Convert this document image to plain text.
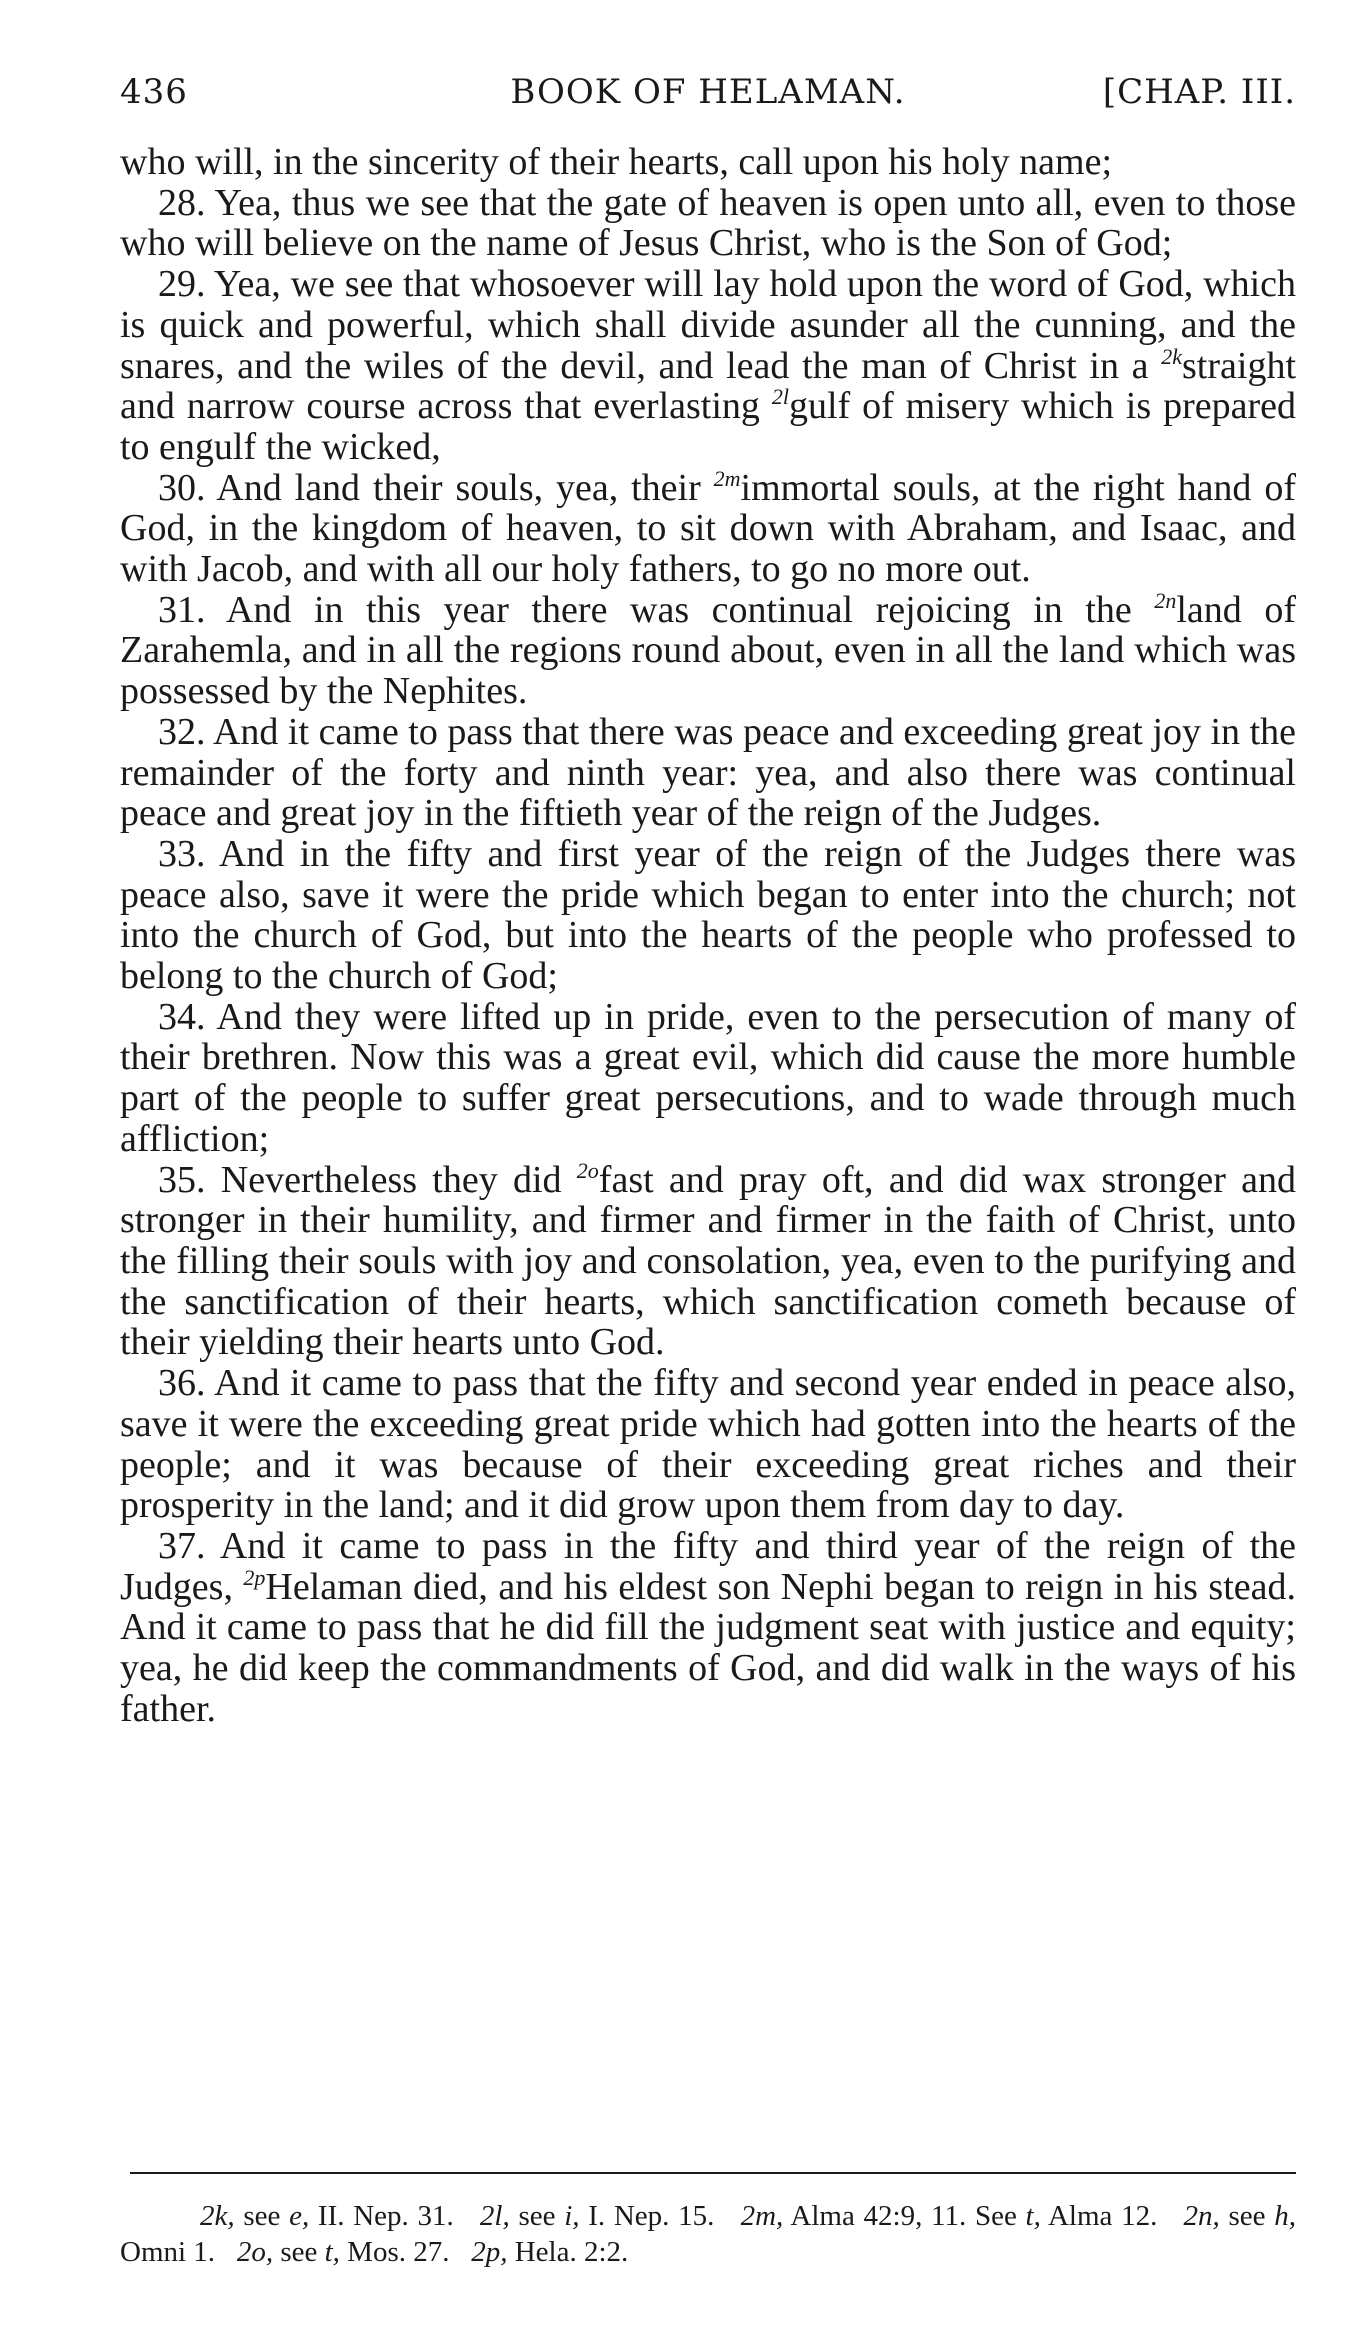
436	BOOK OF HELAMAN.	[CHAP. III.

who will, in the sincerity of their hearts, call upon his holy name;

28. Yea, thus we see that the gate of heaven is open unto all, even to those who will believe on the name of Jesus Christ, who is the Son of God;

29. Yea, we see that whosoever will lay hold upon the word of God, which is quick and powerful, which shall divide asunder all the cunning, and the snares, and the wiles of the devil, and lead the man of Christ in a $^{2k}$straight and narrow course across that everlasting $^{2l}$gulf of misery which is prepared to engulf the wicked,

30. And land their souls, yea, their $^{2m}$immortal souls, at the right hand of God, in the kingdom of heaven, to sit down with Abraham, and Isaac, and with Jacob, and with all our holy fathers, to go no more out.

31. And in this year there was continual rejoicing in the $^{2n}$land of Zarahemla, and in all the regions round about, even in all the land which was possessed by the Nephites.

32. And it came to pass that there was peace and exceeding great joy in the remainder of the forty and ninth year: yea, and also there was continual peace and great joy in the fiftieth year of the reign of the Judges.

33. And in the fifty and first year of the reign of the Judges there was peace also, save it were the pride which began to enter into the church; not into the church of God, but into the hearts of the people who professed to belong to the church of God;

34. And they were lifted up in pride, even to the persecution of many of their brethren. Now this was a great evil, which did cause the more humble part of the people to suffer great persecutions, and to wade through much affliction;

35. Nevertheless they did $^{2o}$fast and pray oft, and did wax stronger and stronger in their humility, and firmer and firmer in the faith of Christ, unto the filling their souls with joy and consolation, yea, even to the purifying and the sanctification of their hearts, which sanctification cometh because of their yielding their hearts unto God.

36. And it came to pass that the fifty and second year ended in peace also, save it were the exceeding great pride which had gotten into the hearts of the people; and it was because of their exceeding great riches and their prosperity in the land; and it did grow upon them from day to day.

37. And it came to pass in the fifty and third year of the reign of the Judges, $^{2p}$Helaman died, and his eldest son Nephi began to reign in his stead. And it came to pass that he did fill the judgment seat with justice and equity; yea, he did keep the commandments of God, and did walk in the ways of his father.

2k, see e, II. Nep. 31. 2l, see i, I. Nep. 15. 2m, Alma 42:9, 11. See t, Alma 12. 2n, see h, Omni 1. 2o, see t, Mos. 27. 2p, Hela. 2:2.
